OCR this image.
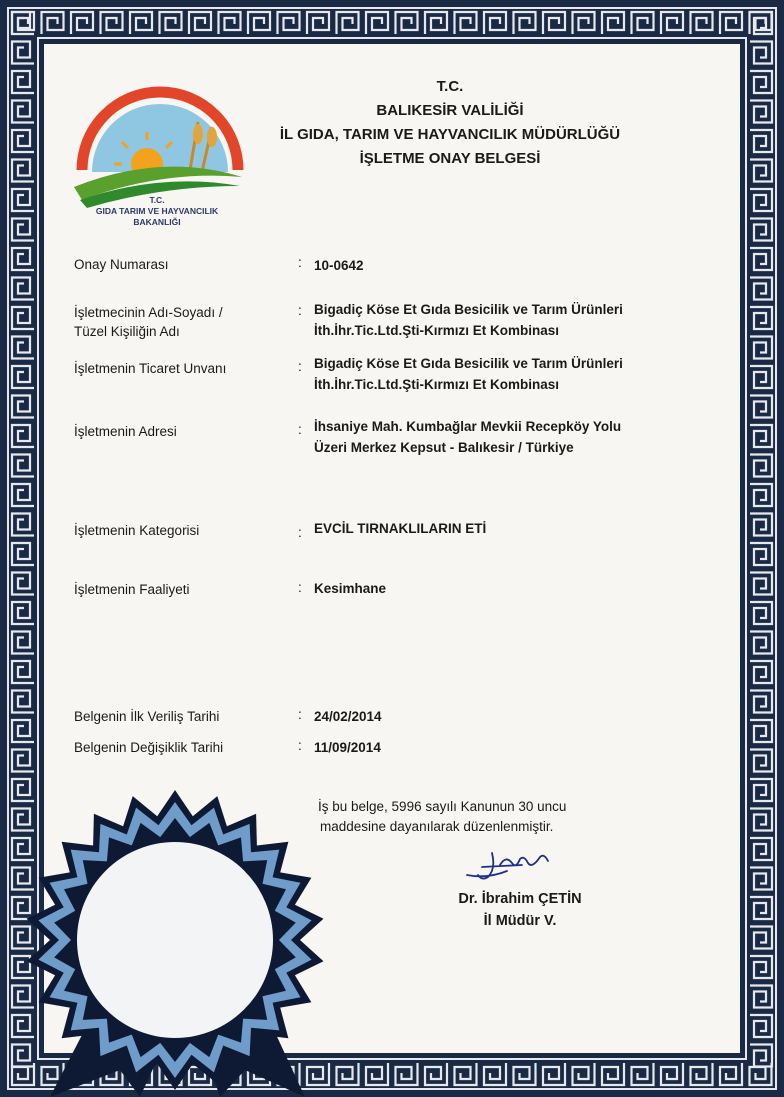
T.C.
GIDA TARIM VE HAYVANCILIK
BAKANLIĞI
T.C.
BALIKESİR VALİLİĞİ
İL GIDA, TARIM VE HAYVANCILIK MÜDÜRLÜĞÜ
İŞLETME ONAY BELGESİ
Onay Numarası	: 10-0642
İşletmecinin Adı-Soyadı /
Tüzel Kişiliğin Adı
: Bigadiç Köse Et Gıda Besicilik ve Tarım Ürünleri
İth.İhr.Tic.Ltd.Şti-Kırmızı Et Kombinası
İşletmenin Ticaret Unvanı	: Bigadiç Köse Et Gıda Besicilik ve Tarım Ürünleri
İth.İhr.Tic.Ltd.Şti-Kırmızı Et Kombinası
İşletmenin Adresi	: İhsaniye Mah. Kumbağlar Mevkii Recepköy Yolu
Üzeri Merkez Kepsut - Balıkesir / Türkiye
İşletmenin Kategorisi	: EVCİL TIRNAKLILARIN ETİ
İşletmenin Faaliyeti	: Kesimhane
Belgenin İlk Veriliş Tarihi	: 24/02/2014
Belgenin Değişiklik Tarihi	: 11/09/2014
İş bu belge, 5996 sayılı Kanunun 30 uncu
maddesine dayanılarak düzenlenmiştir.
Dr. İbrahim ÇETİN
İl Müdür V.
